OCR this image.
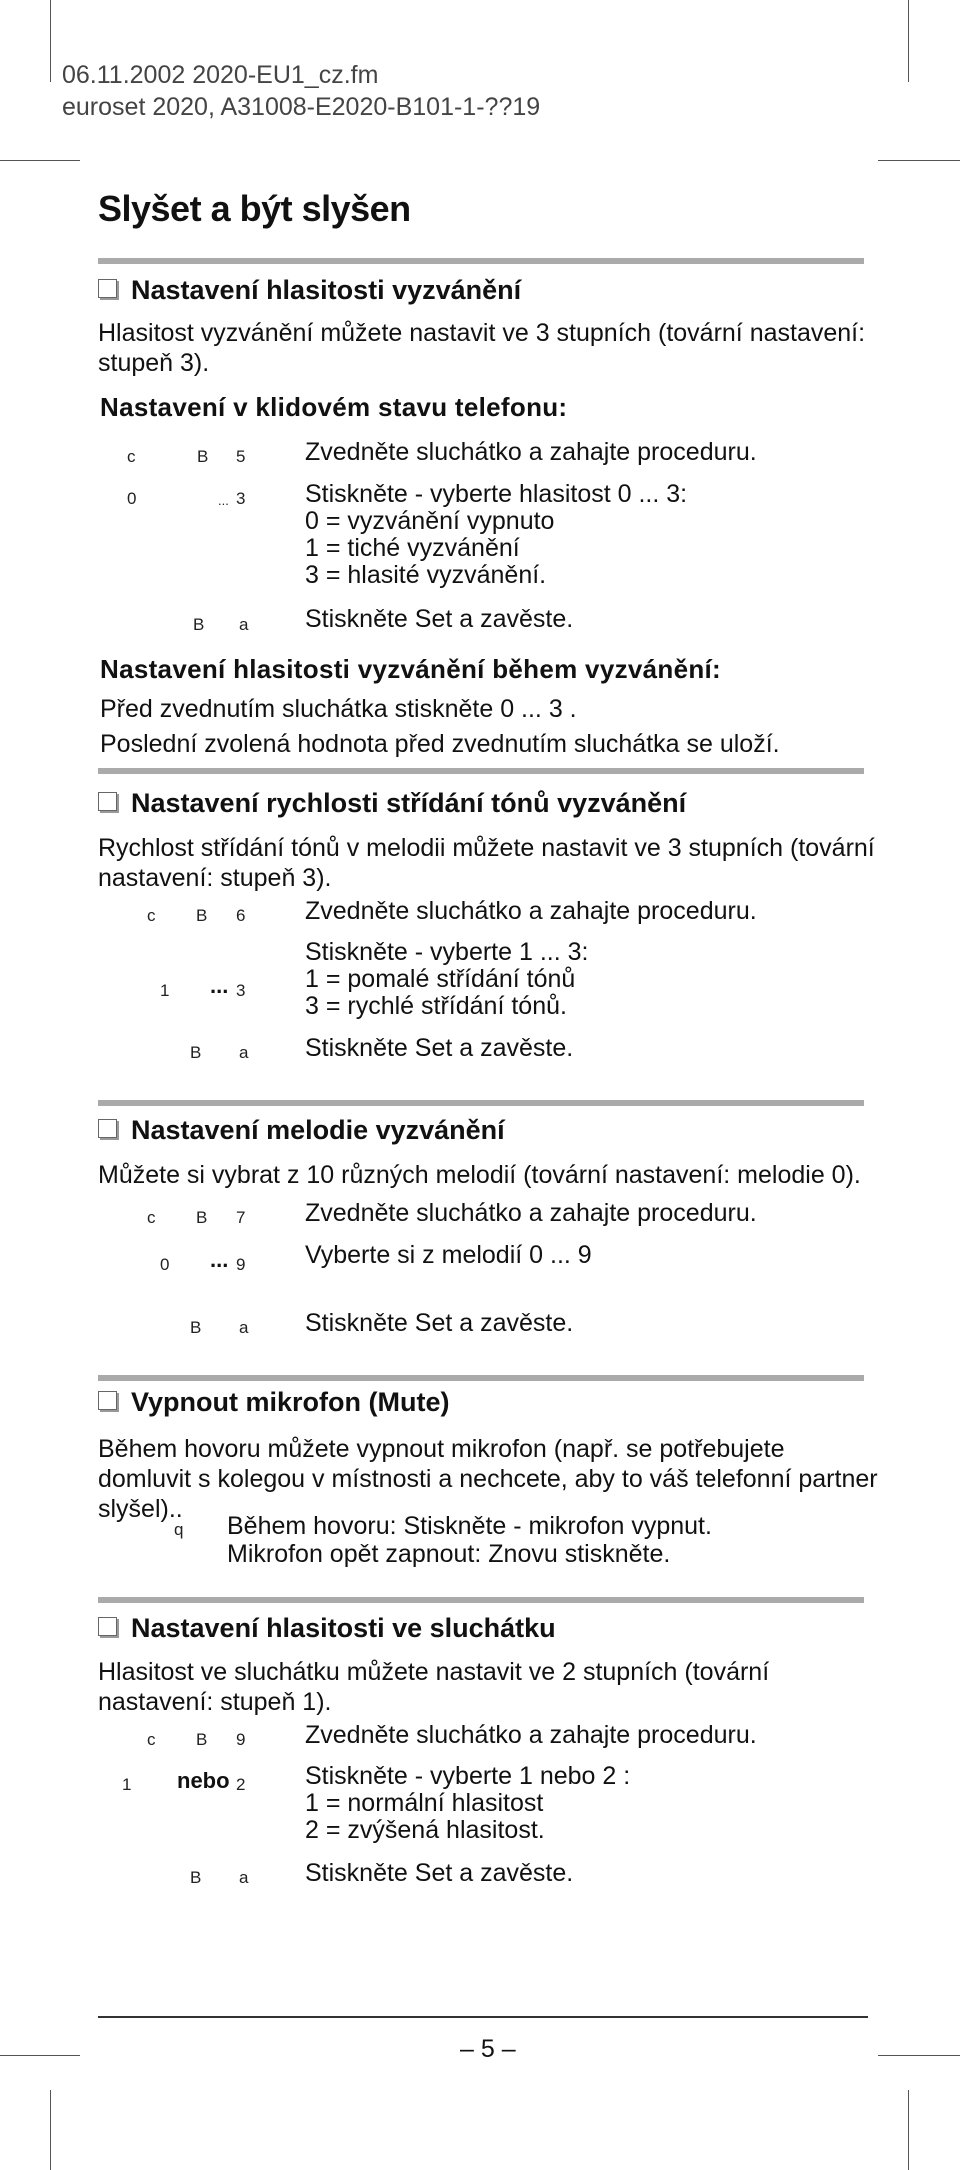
06.11.2002 2020-EU1_cz.fm
euroset 2020, A31008-E2020-B101-1-??19
Slyšet a být slyšen
Nastavení hlasitosti vyzvánění
Hlasitost vyzvánění můžete nastavit ve 3 stupních (tovární nastavení: stupeň 3).
Nastavení v klidovém stavu telefonu:
c	B 5 Zvedněte sluchátko a zahajte proceduru.
0	... 3 Stiskněte - vyberte hlasitost 0 ... 3:
0 = vyzvánění vypnuto
1 = tiché vyzvánění
3 = hlasité vyzvánění.
B a Stiskněte Set a zavěste.
Nastavení hlasitosti vyzvánění během vyzvánění:
Před zvednutím sluchátka stiskněte 0 ... 3 .
Poslední zvolená hodnota před zvednutím sluchátka se uloží.
Nastavení rychlosti střídání tónů vyzvánění
Rychlost střídání tónů v melodii můžete nastavit ve 3 stupních (tovární nastavení: stupeň 3).
c B 6 Zvedněte sluchátko a zahajte proceduru.
Stiskněte - vyberte 1 ... 3:
1 ... 3 1 = pomalé střídání tónů
3 = rychlé střídání tónů.
B a Stiskněte Set a zavěste.
Nastavení melodie vyzvánění
Můžete si vybrat z 10 různých melodií (tovární nastavení: melodie 0).
c B 7 Zvedněte sluchátko a zahajte proceduru.
0 ... 9 Vyberte si z melodií 0 ... 9
B a Stiskněte Set a zavěste.
Vypnout mikrofon (Mute)
Během hovoru můžete vypnout mikrofon (např. se potřebujete domluvit s kolegou v místnosti a nechcete, aby to váš telefonní partner slyšel)..
q Během hovoru: Stiskněte - mikrofon vypnut.
Mikrofon opět zapnout: Znovu stiskněte.
Nastavení hlasitosti ve sluchátku
Hlasitost ve sluchátku můžete nastavit ve 2 stupních (tovární nastavení: stupeň 1).
c B 9 Zvedněte sluchátko a zahajte proceduru.
1 nebo 2 Stiskněte - vyberte 1 nebo 2 :
1 = normální hlasitost
2 = zvýšená hlasitost.
B a Stiskněte Set a zavěste.
– 5 –
